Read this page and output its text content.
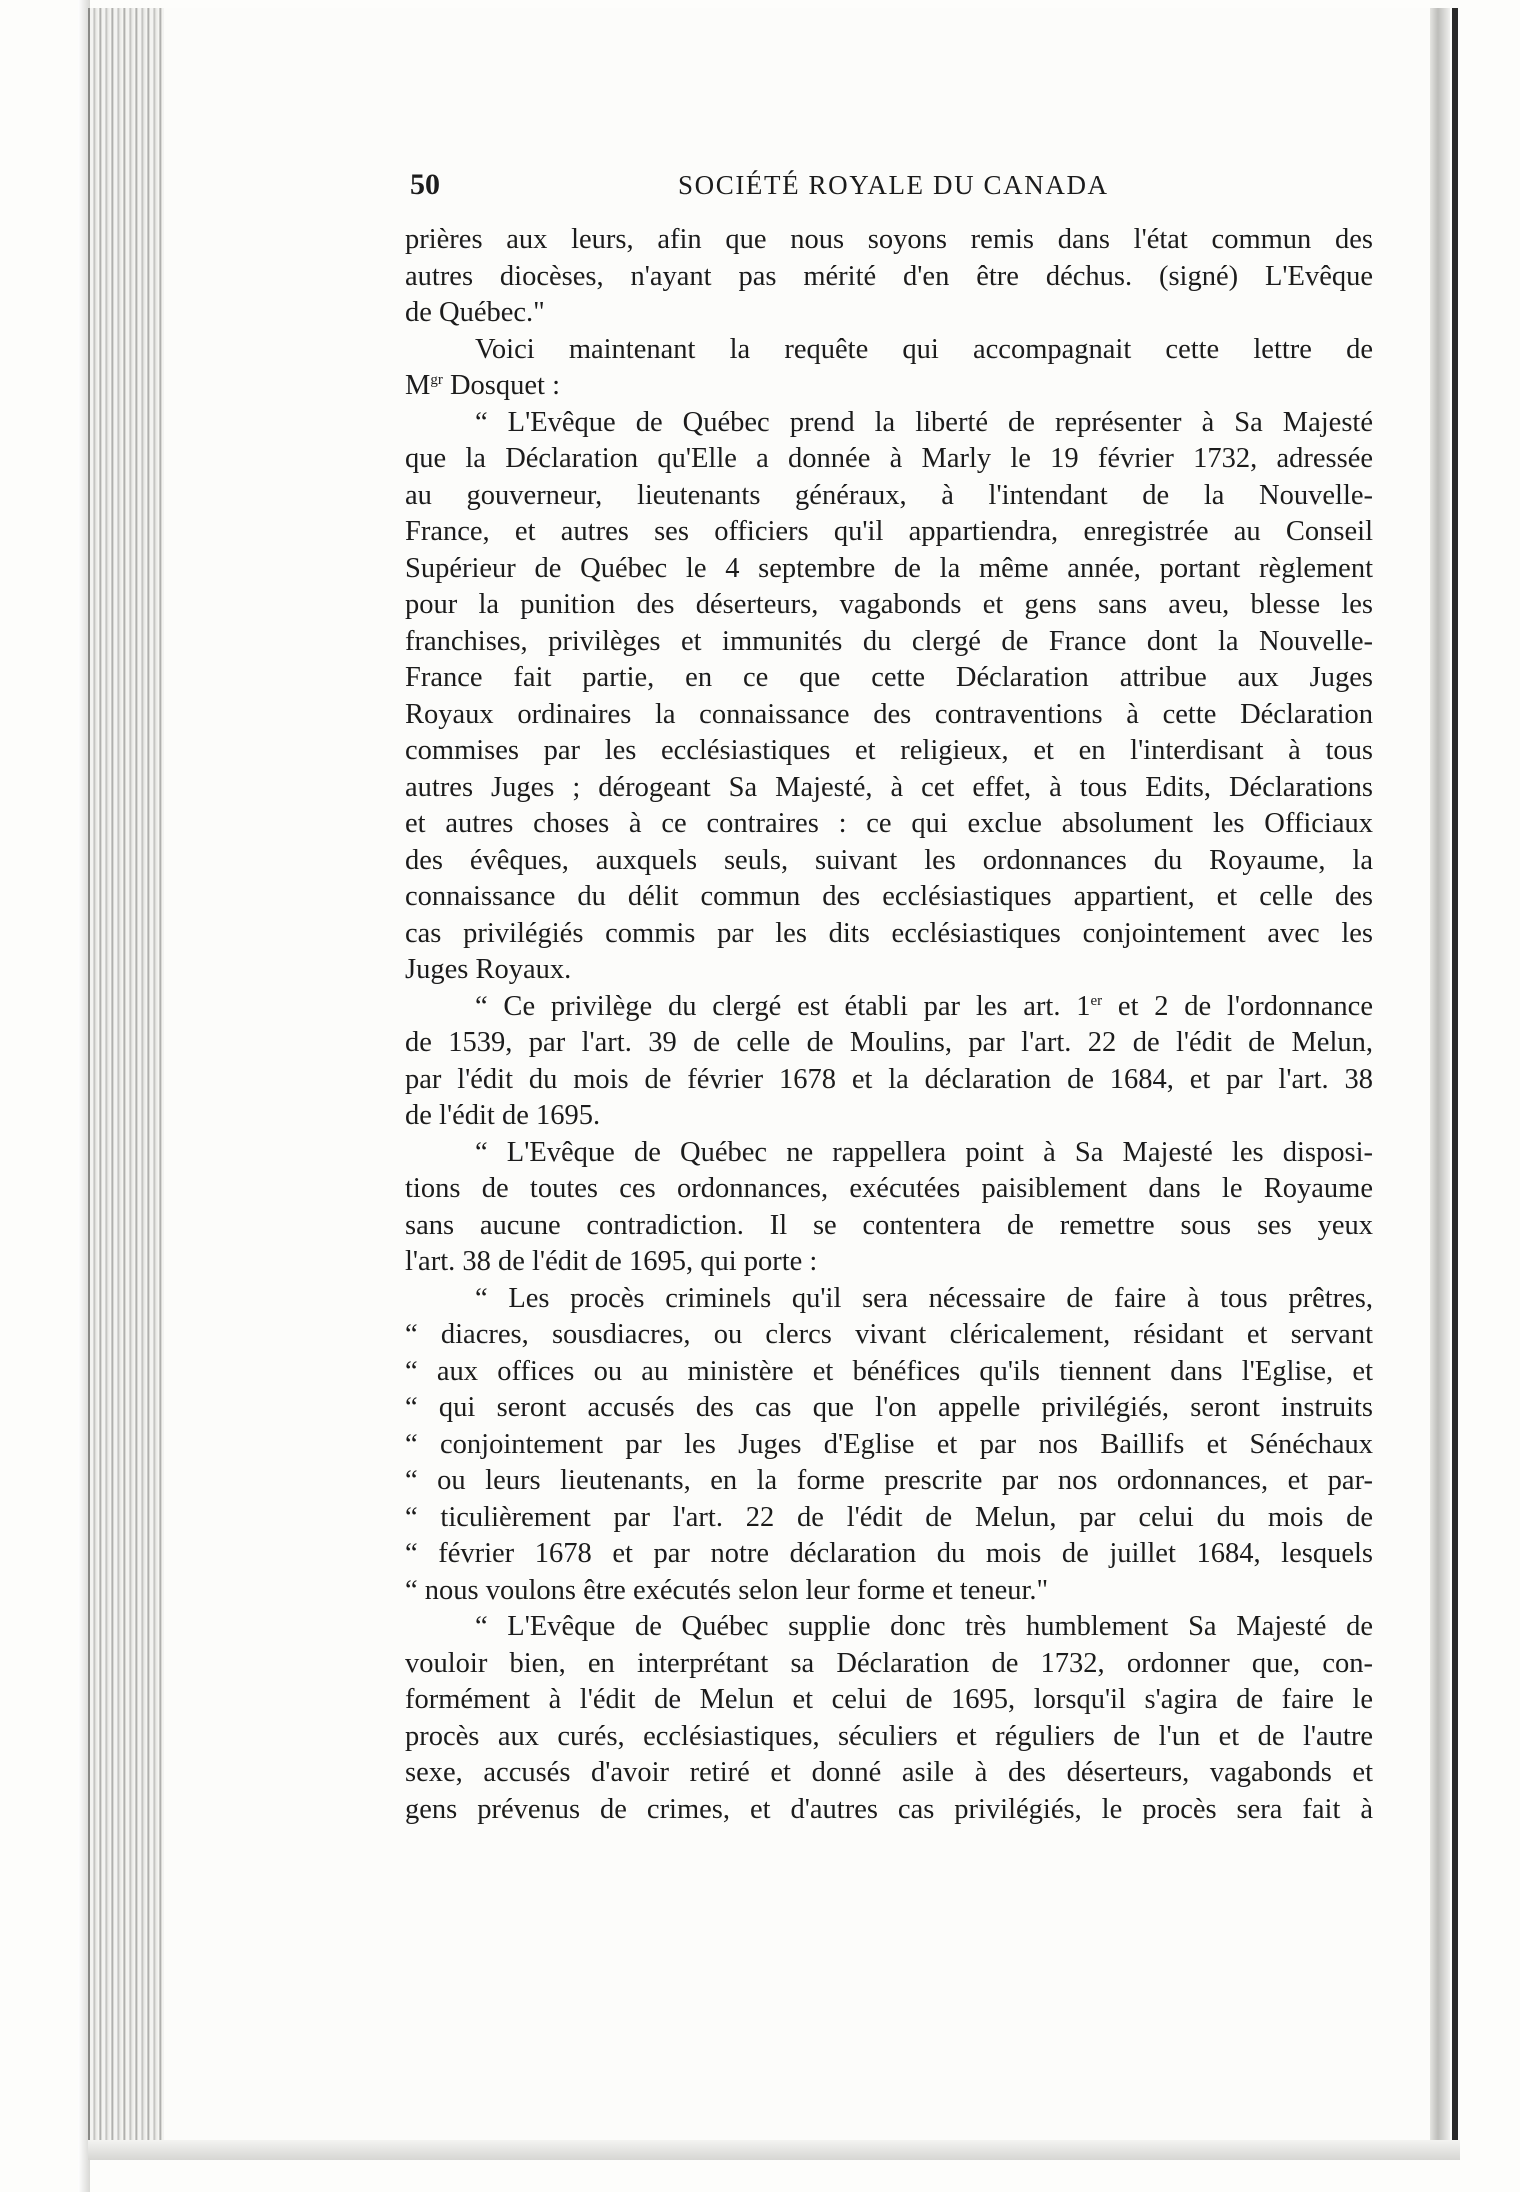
50	SOCIÉTÉ ROYALE DU CANADA
prières aux leurs, afin que nous soyons remis dans l'état commun des
autres diocèses, n'ayant pas mérité d'en être déchus. (signé) L'Evêque
de Québec."
Voici maintenant la requête qui accompagnait cette lettre de
$M^{gr}$ Dosquet :
“ L'Evêque de Québec prend la liberté de représenter à Sa Majesté
que la Déclaration qu'Elle a donnée à Marly le 19 février 1732, adressée
au gouverneur, lieutenants généraux, à l'intendant de la Nouvelle-
France, et autres ses officiers qu'il appartiendra, enregistrée au Conseil
Supérieur de Québec le 4 septembre de la même année, portant règlement
pour la punition des déserteurs, vagabonds et gens sans aveu, blesse les
franchises, privilèges et immunités du clergé de France dont la Nouvelle-
France fait partie, en ce que cette Déclaration attribue aux Juges
Royaux ordinaires la connaissance des contraventions à cette Déclaration
commises par les ecclésiastiques et religieux, et en l'interdisant à tous
autres Juges ; dérogeant Sa Majesté, à cet effet, à tous Edits, Déclarations
et autres choses à ce contraires : ce qui exclue absolument les Officiaux
des évêques, auxquels seuls, suivant les ordonnances du Royaume, la
connaissance du délit commun des ecclésiastiques appartient, et celle des
cas privilégiés commis par les dits ecclésiastiques conjointement avec les
Juges Royaux.
“ Ce privilège du clergé est établi par les art. 1er et 2 de l'ordonnance
de 1539, par l'art. 39 de celle de Moulins, par l'art. 22 de l'édit de Melun,
par l'édit du mois de février 1678 et la déclaration de 1684, et par l'art. 38
de l'édit de 1695.
“ L'Evêque de Québec ne rappellera point à Sa Majesté les disposi-
tions de toutes ces ordonnances, exécutées paisiblement dans le Royaume
sans aucune contradiction. Il se contentera de remettre sous ses yeux
l'art. 38 de l'édit de 1695, qui porte :
“ Les procès criminels qu'il sera nécessaire de faire à tous prêtres,
“ diacres, sousdiacres, ou clercs vivant cléricalement, résidant et servant
“ aux offices ou au ministère et bénéfices qu'ils tiennent dans l'Eglise, et
“ qui seront accusés des cas que l'on appelle privilégiés, seront instruits
“ conjointement par les Juges d'Eglise et par nos Baillifs et Sénéchaux
“ ou leurs lieutenants, en la forme prescrite par nos ordonnances, et par-
“ ticulièrement par l'art. 22 de l'édit de Melun, par celui du mois de
“ février 1678 et par notre déclaration du mois de juillet 1684, lesquels
“ nous voulons être exécutés selon leur forme et teneur."
“ L'Evêque de Québec supplie donc très humblement Sa Majesté de
vouloir bien, en interprétant sa Déclaration de 1732, ordonner que, con-
formément à l'édit de Melun et celui de 1695, lorsqu'il s'agira de faire le
procès aux curés, ecclésiastiques, séculiers et réguliers de l'un et de l'autre
sexe, accusés d'avoir retiré et donné asile à des déserteurs, vagabonds et
gens prévenus de crimes, et d'autres cas privilégiés, le procès sera fait à
